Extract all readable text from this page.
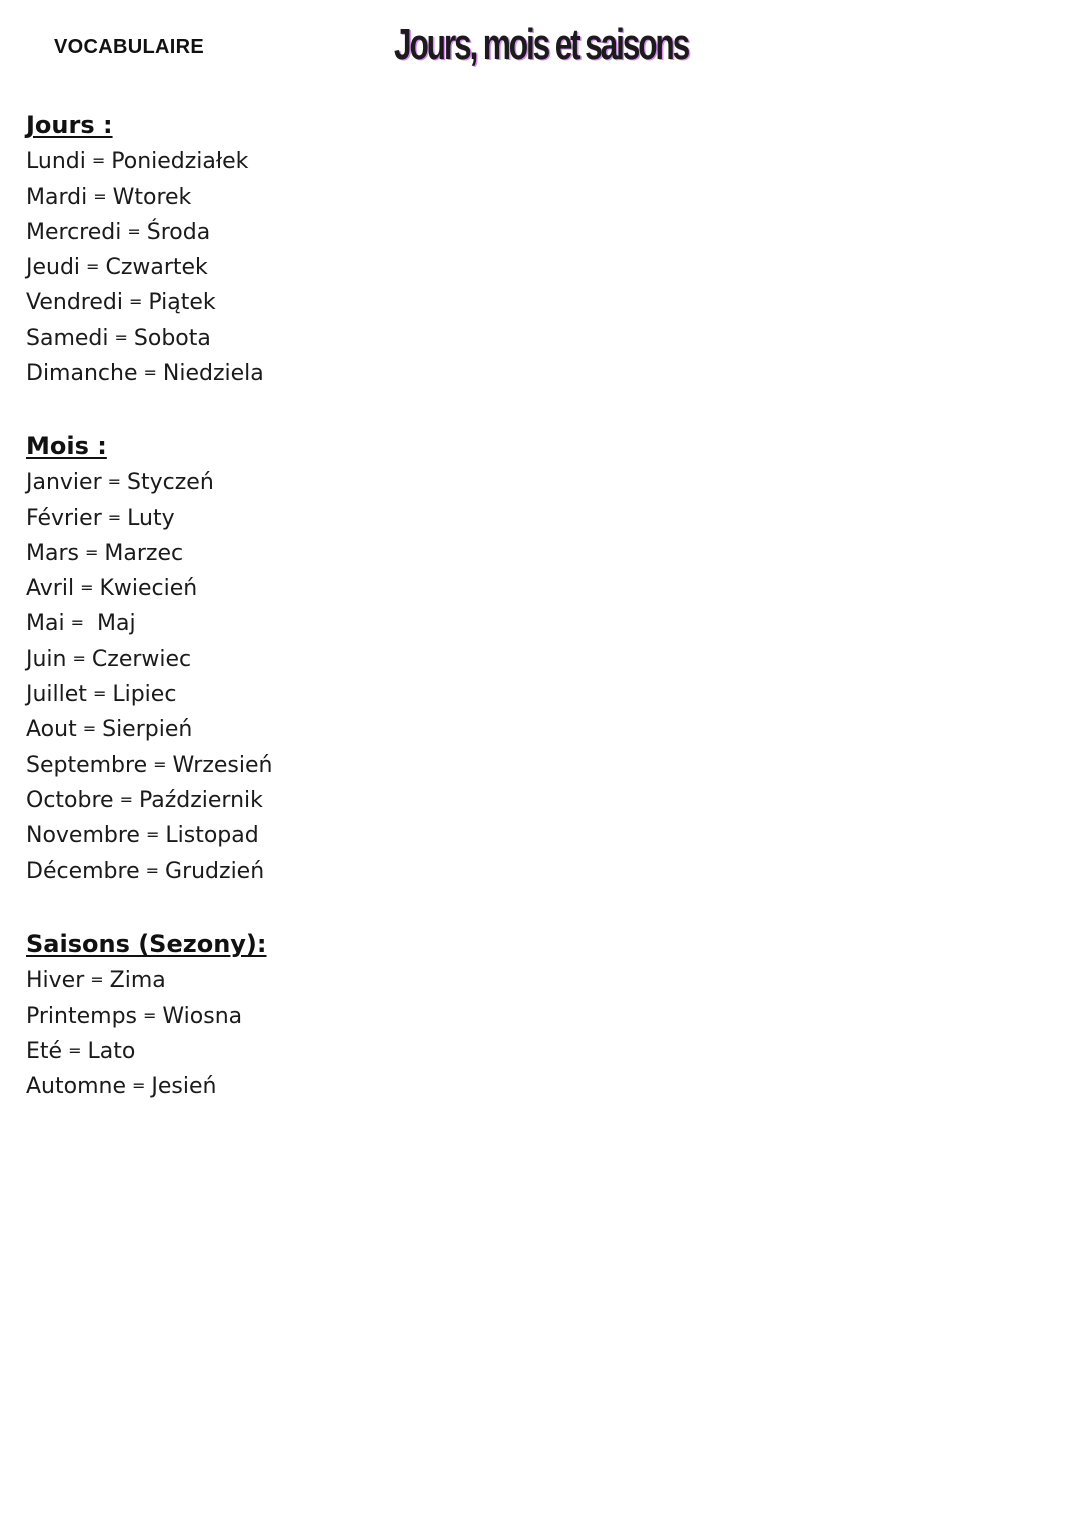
VOCABULAIRE	Jours, mois et saisons
Jours :
Lundi = Poniedziałek
Mardi = Wtorek
Mercredi = Środa
Jeudi = Czwartek
Vendredi = Piątek
Samedi = Sobota
Dimanche = Niedziela
Mois :
Janvier = Styczeń
Février = Luty
Mars = Marzec
Avril = Kwiecień
Mai = Maj
Juin = Czerwiec
Juillet = Lipiec
Aout = Sierpień
Septembre = Wrzesień
Octobre = Październik
Novembre = Listopad
Décembre = Grudzień
Saisons (Sezony):
Hiver = Zima
Printemps = Wiosna
Eté = Lato
Automne = Jesień
